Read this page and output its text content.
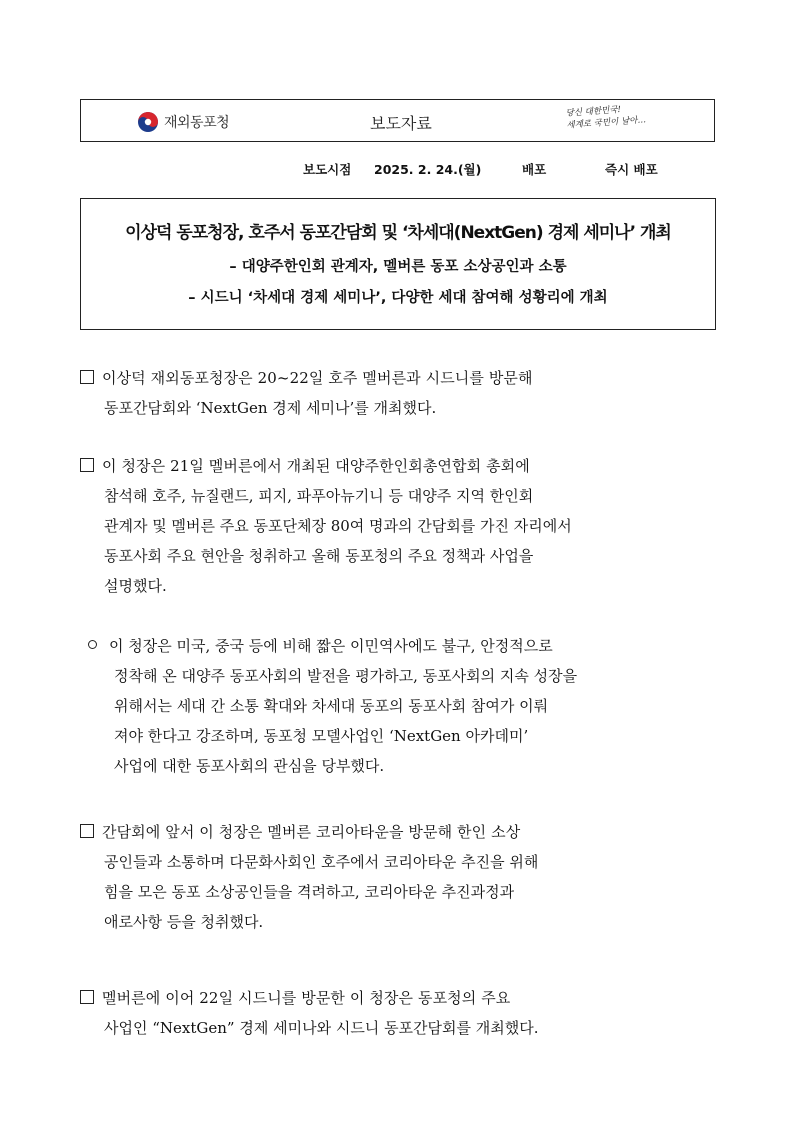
재외동포청	보도자료
당신 대한민국!
세계로 국민이 날아…
보도시점 2025. 2. 24.(월)	배포	즉시 배포
이상덕 동포청장, 호주서 동포간담회 및 ‘차세대(NextGen) 경제 세미나’ 개최
– 대양주한인회 관계자, 멜버른 동포 소상공인과 소통
– 시드니 ‘차세대 경제 세미나’, 다양한 세대 참여해 성황리에 개최
이상덕 재외동포청장은 20~22일 호주 멜버른과 시드니를 방문해
동포간담회와 ‘NextGen 경제 세미나’를 개최했다.
이 청장은 21일 멜버른에서 개최된 대양주한인회총연합회 총회에
참석해 호주, 뉴질랜드, 피지, 파푸아뉴기니 등 대양주 지역 한인회
관계자 및 멜버른 주요 동포단체장 80여 명과의 간담회를 가진 자리에서
동포사회 주요 현안을 청취하고 올해 동포청의 주요 정책과 사업을
설명했다.
이 청장은 미국, 중국 등에 비해 짧은 이민역사에도 불구, 안정적으로
정착해 온 대양주 동포사회의 발전을 평가하고, 동포사회의 지속 성장을
위해서는 세대 간 소통 확대와 차세대 동포의 동포사회 참여가 이뤄
져야 한다고 강조하며, 동포청 모델사업인 ‘NextGen 아카데미’
사업에 대한 동포사회의 관심을 당부했다.
간담회에 앞서 이 청장은 멜버른 코리아타운을 방문해 한인 소상
공인들과 소통하며 다문화사회인 호주에서 코리아타운 추진을 위해
힘을 모은 동포 소상공인들을 격려하고, 코리아타운 추진과정과
애로사항 등을 청취했다.
멜버른에 이어 22일 시드니를 방문한 이 청장은 동포청의 주요
사업인 “NextGen” 경제 세미나와 시드니 동포간담회를 개최했다.
